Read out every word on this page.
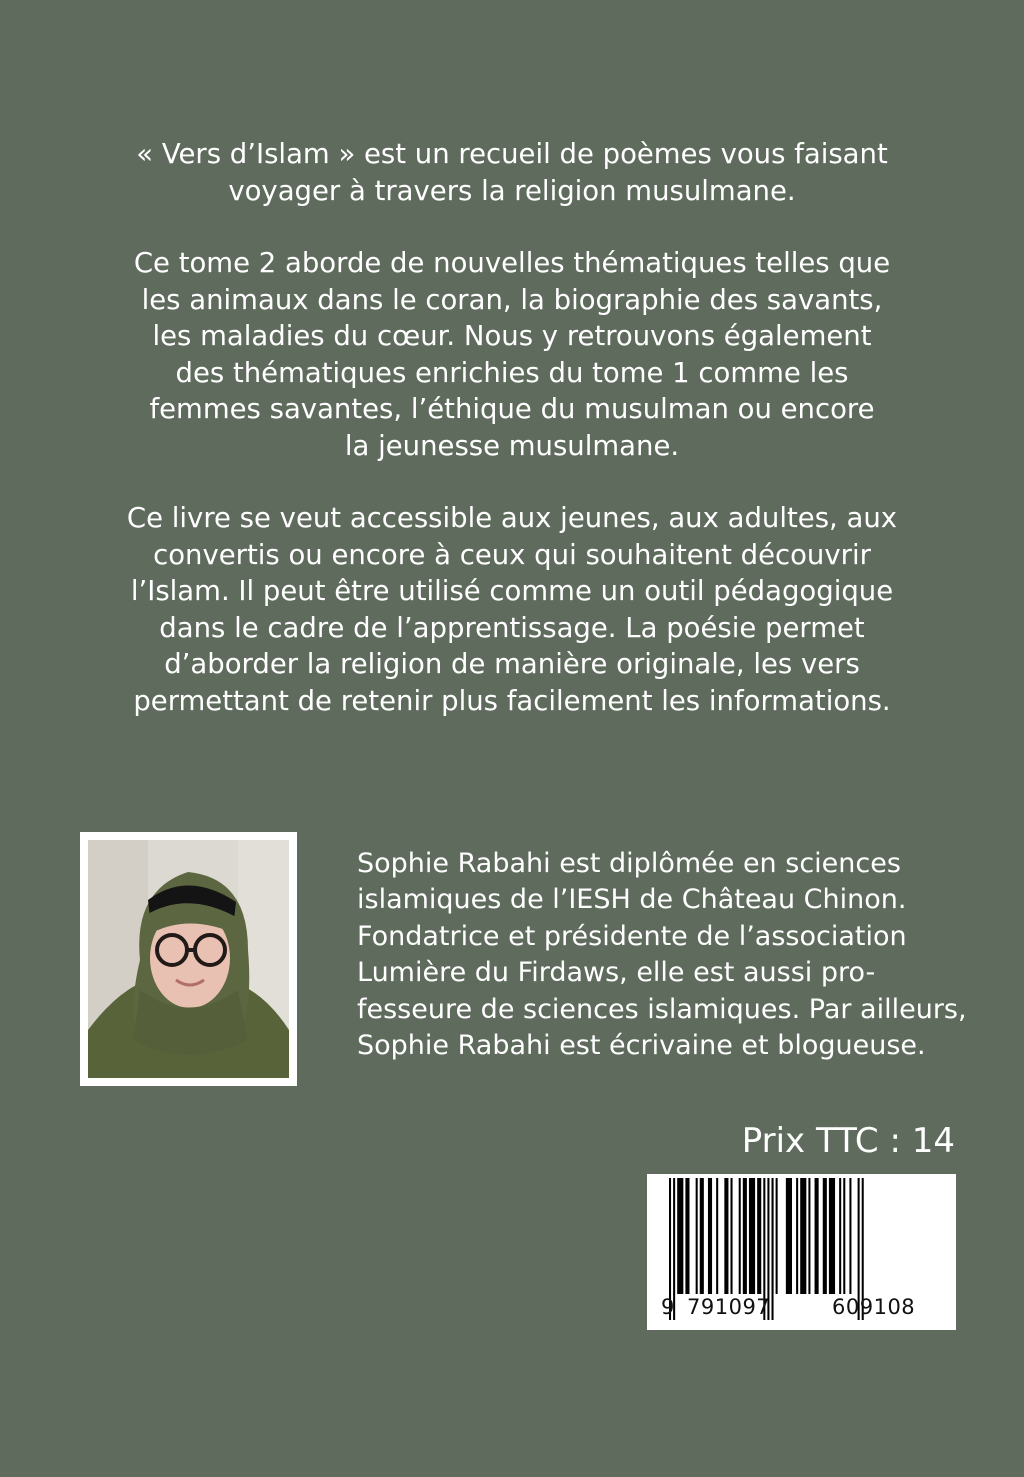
« Vers d’Islam » est un recueil de poèmes vous faisant
voyager à travers la religion musulmane.

Ce tome 2 aborde de nouvelles thématiques telles que
les animaux dans le coran, la biographie des savants,
les maladies du cœur. Nous y retrouvons également
des thématiques enrichies du tome 1 comme les
femmes savantes, l’éthique du musulman ou encore
la jeunesse musulmane.

Ce livre se veut accessible aux jeunes, aux adultes, aux
convertis ou encore à ceux qui souhaitent découvrir
l’Islam. Il peut être utilisé comme un outil pédagogique
dans le cadre de l’apprentissage. La poésie permet
d’aborder la religion de manière originale, les vers
permettant de retenir plus facilement les informations.

Sophie Rabahi est diplômée en sciences
islamiques de l’IESH de Château Chinon.
Fondatrice et présidente de l’association
Lumière du Firdaws, elle est aussi pro-
fesseure de sciences islamiques. Par ailleurs,
Sophie Rabahi est écrivaine et blogueuse.
Prix TTC : 14
9 791097	609108
